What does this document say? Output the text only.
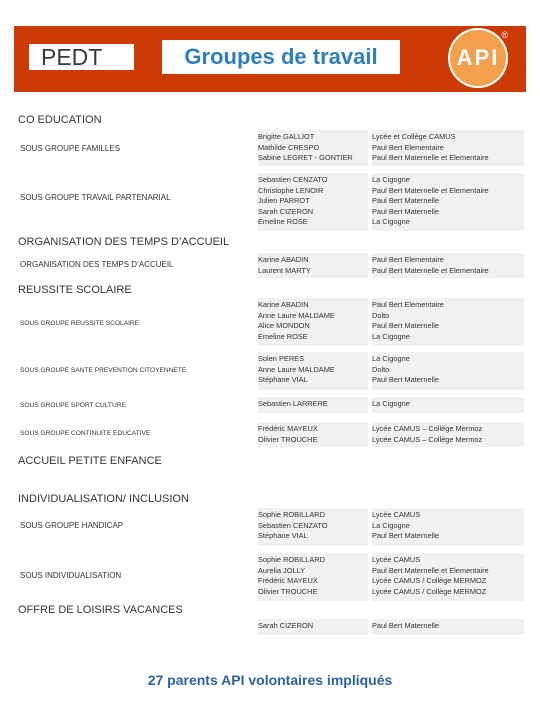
PEDT	Groupes de travail	API
®
CO EDUCATION
ORGANISATION DES TEMPS D’ACCUEIL
REUSSITE SCOLAIRE
ACCUEIL PETITE ENFANCE
INDIVIDUALISATION/ INCLUSION
OFFRE DE LOISIRS VACANCES
SOUS GROUPE FAMILLES
SOUS GROUPE TRAVAIL PARTENARIAL
ORGANISATION DES TEMPS D’ACCUEIL
SOUS GROUPE REUSSITE SCOLAIRE
SOUS GROUPE SANTE PREVENTION CITOYENNETE
SOUS GROUPE SPORT CULTURE
SOUS GROUPE CONTINUITE EDUCATIVE
SOUS GROUPE HANDICAP
SOUS INDIVIDUALISATION
Brigitte GALLIOT
Mathilde CRESPO
Sabine LEGRET - GONTIER
Sebastien CENZATO
Christophe LENOIR
Julien PARROT
Sarah CIZERON
Emeline ROSE
Karine ABADIN
Laurent MARTY
Karine ABADIN
Anne Laure MALDAME
Alice MONDON
Emeline ROSE
Solen PERES
Anne Laure MALDAME
Stéphane VIAL
Sebastien LARRERE
Frédéric MAYEUX
Olivier TROUCHE
Sophie ROBILLARD
Sebastien CENZATO
Stéphane VIAL
Sophie ROBILLARD
Aurelia JOLLY
Frédéric MAYEUX
Olivier TROUCHE
Sarah CIZERON
Lycée et Collège CAMUS
Paul Bert Elementaire
Paul Bert Maternelle et Elementaire
La Cigogne
Paul Bert Maternelle et Elementaire
Paul Bert Maternelle
Paul Bert Maternelle
La Cigogne
Paul Bert Elementaire
Paul Bert Maternelle et Elementaire
Paul Bert Elementaire
Dolto
Paul Bert Maternelle
La Cigogne
La Cigogne
Dolto
Paul Bert Maternelle
La Cigogne
Lycée CAMUS – Collège Mermoz
Lycée CAMUS – Collège Mermoz
Lycée CAMUS
La Cigogne
Paul Bert Maternelle
Lycée CAMUS
Paul Bert Maternelle et Elementaire
Lycée CAMUS / Collège MERMOZ
Lycée CAMUS / Collège MERMOZ
Paul Bert Maternelle
27 parents API volontaires impliqués
